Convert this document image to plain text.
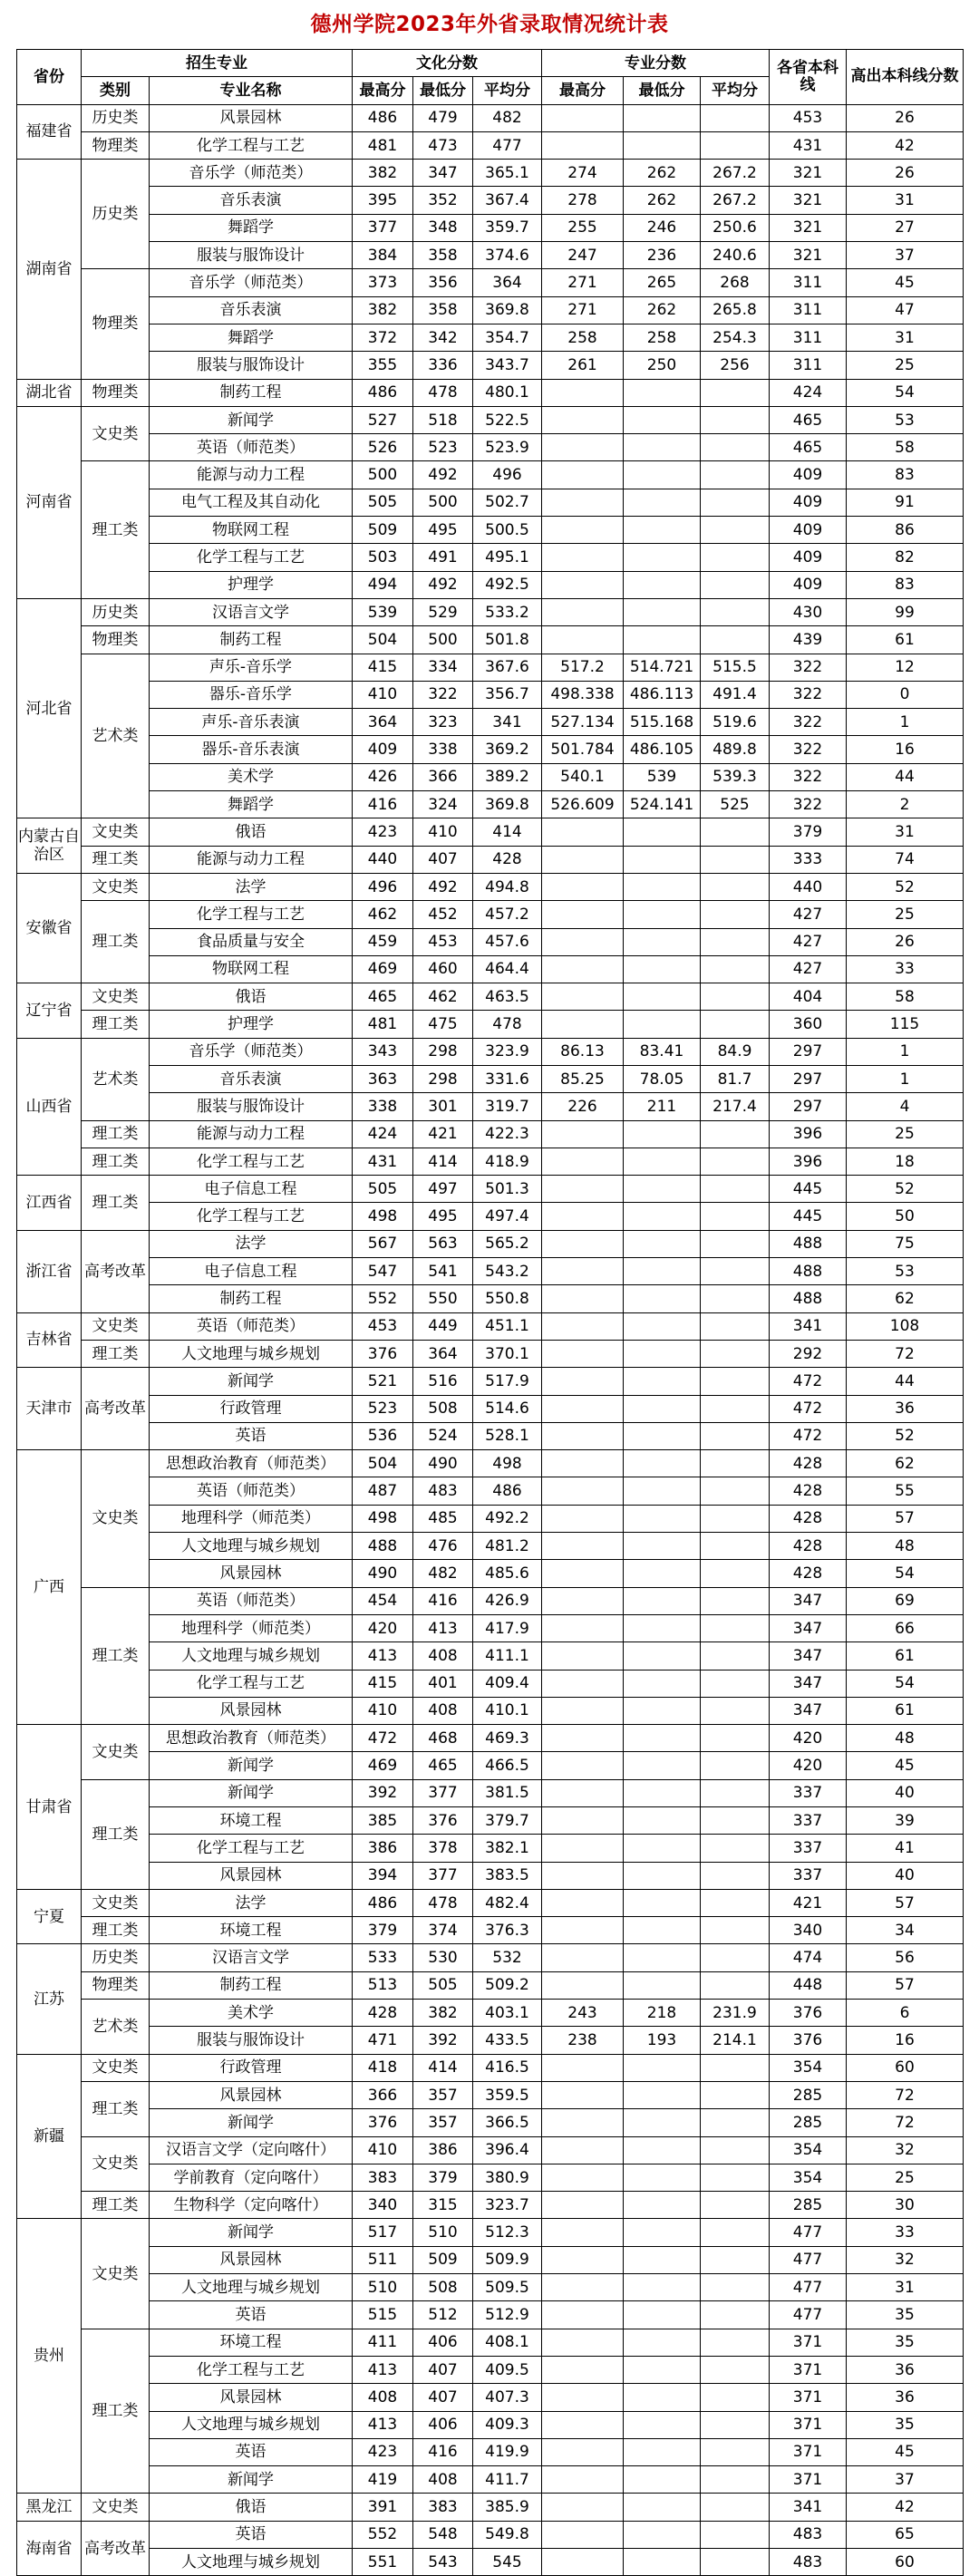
德州学院2023年外省录取情况统计表
省份	招生专业		文化分数			专业分数			各省本科线	高出本科线分数
	类别	专业名称	最高分	最低分	平均分	最高分	最低分	平均分		
福建省	历史类	风景园林	486	479	482				453	26
	物理类	化学工程与工艺	481	473	477				431	42
湖南省	历史类	音乐学（师范类）	382	347	365.1	274	262	267.2	321	26
		音乐表演	395	352	367.4	278	262	267.2	321	31
		舞蹈学	377	348	359.7	255	246	250.6	321	27
		服装与服饰设计	384	358	374.6	247	236	240.6	321	37
	物理类	音乐学（师范类）	373	356	364	271	265	268	311	45
		音乐表演	382	358	369.8	271	262	265.8	311	47
		舞蹈学	372	342	354.7	258	258	254.3	311	31
		服装与服饰设计	355	336	343.7	261	250	256	311	25
湖北省	物理类	制药工程	486	478	480.1				424	54
河南省	文史类	新闻学	527	518	522.5				465	53
		英语（师范类）	526	523	523.9				465	58
	理工类	能源与动力工程	500	492	496				409	83
		电气工程及其自动化	505	500	502.7				409	91
		物联网工程	509	495	500.5				409	86
		化学工程与工艺	503	491	495.1				409	82
		护理学	494	492	492.5				409	83
河北省	历史类	汉语言文学	539	529	533.2				430	99
	物理类	制药工程	504	500	501.8				439	61
	艺术类	声乐-音乐学	415	334	367.6	517.2	514.721	515.5	322	12
		器乐-音乐学	410	322	356.7	498.338	486.113	491.4	322	0
		声乐-音乐表演	364	323	341	527.134	515.168	519.6	322	1
		器乐-音乐表演	409	338	369.2	501.784	486.105	489.8	322	16
		美术学	426	366	389.2	540.1	539	539.3	322	44
		舞蹈学	416	324	369.8	526.609	524.141	525	322	2
内蒙古自治区	文史类	俄语	423	410	414				379	31
	理工类	能源与动力工程	440	407	428				333	74
安徽省	文史类	法学	496	492	494.8				440	52
	理工类	化学工程与工艺	462	452	457.2				427	25
		食品质量与安全	459	453	457.6				427	26
		物联网工程	469	460	464.4				427	33
辽宁省	文史类	俄语	465	462	463.5				404	58
	理工类	护理学	481	475	478				360	115
山西省	艺术类	音乐学（师范类）	343	298	323.9	86.13	83.41	84.9	297	1
		音乐表演	363	298	331.6	85.25	78.05	81.7	297	1
		服装与服饰设计	338	301	319.7	226	211	217.4	297	4
	理工类	能源与动力工程	424	421	422.3				396	25
	理工类	化学工程与工艺	431	414	418.9				396	18
江西省	理工类	电子信息工程	505	497	501.3				445	52
		化学工程与工艺	498	495	497.4				445	50
浙江省	高考改革	法学	567	563	565.2				488	75
		电子信息工程	547	541	543.2				488	53
		制药工程	552	550	550.8				488	62
吉林省	文史类	英语（师范类）	453	449	451.1				341	108
	理工类	人文地理与城乡规划	376	364	370.1				292	72
天津市	高考改革	新闻学	521	516	517.9				472	44
		行政管理	523	508	514.6				472	36
		英语	536	524	528.1				472	52
广西	文史类	思想政治教育（师范类）	504	490	498				428	62
		英语（师范类）	487	483	486				428	55
		地理科学（师范类）	498	485	492.2				428	57
		人文地理与城乡规划	488	476	481.2				428	48
		风景园林	490	482	485.6				428	54
	理工类	英语（师范类）	454	416	426.9				347	69
		地理科学（师范类）	420	413	417.9				347	66
		人文地理与城乡规划	413	408	411.1				347	61
		化学工程与工艺	415	401	409.4				347	54
		风景园林	410	408	410.1				347	61
甘肃省	文史类	思想政治教育（师范类）	472	468	469.3				420	48
		新闻学	469	465	466.5				420	45
	理工类	新闻学	392	377	381.5				337	40
		环境工程	385	376	379.7				337	39
		化学工程与工艺	386	378	382.1				337	41
		风景园林	394	377	383.5				337	40
宁夏	文史类	法学	486	478	482.4				421	57
	理工类	环境工程	379	374	376.3				340	34
江苏	历史类	汉语言文学	533	530	532				474	56
	物理类	制药工程	513	505	509.2				448	57
	艺术类	美术学	428	382	403.1	243	218	231.9	376	6
		服装与服饰设计	471	392	433.5	238	193	214.1	376	16
新疆	文史类	行政管理	418	414	416.5				354	60
	理工类	风景园林	366	357	359.5				285	72
		新闻学	376	357	366.5				285	72
	文史类	汉语言文学（定向喀什）	410	386	396.4				354	32
		学前教育（定向喀什）	383	379	380.9				354	25
	理工类	生物科学（定向喀什）	340	315	323.7				285	30
贵州	文史类	新闻学	517	510	512.3				477	33
		风景园林	511	509	509.9				477	32
		人文地理与城乡规划	510	508	509.5				477	31
		英语	515	512	512.9				477	35
	理工类	环境工程	411	406	408.1				371	35
		化学工程与工艺	413	407	409.5				371	36
		风景园林	408	407	407.3				371	36
		人文地理与城乡规划	413	406	409.3				371	35
		英语	423	416	419.9				371	45
		新闻学	419	408	411.7				371	37
黑龙江	文史类	俄语	391	383	385.9				341	42
海南省	高考改革	英语	552	548	549.8				483	65
		人文地理与城乡规划	551	543	545				483	60
